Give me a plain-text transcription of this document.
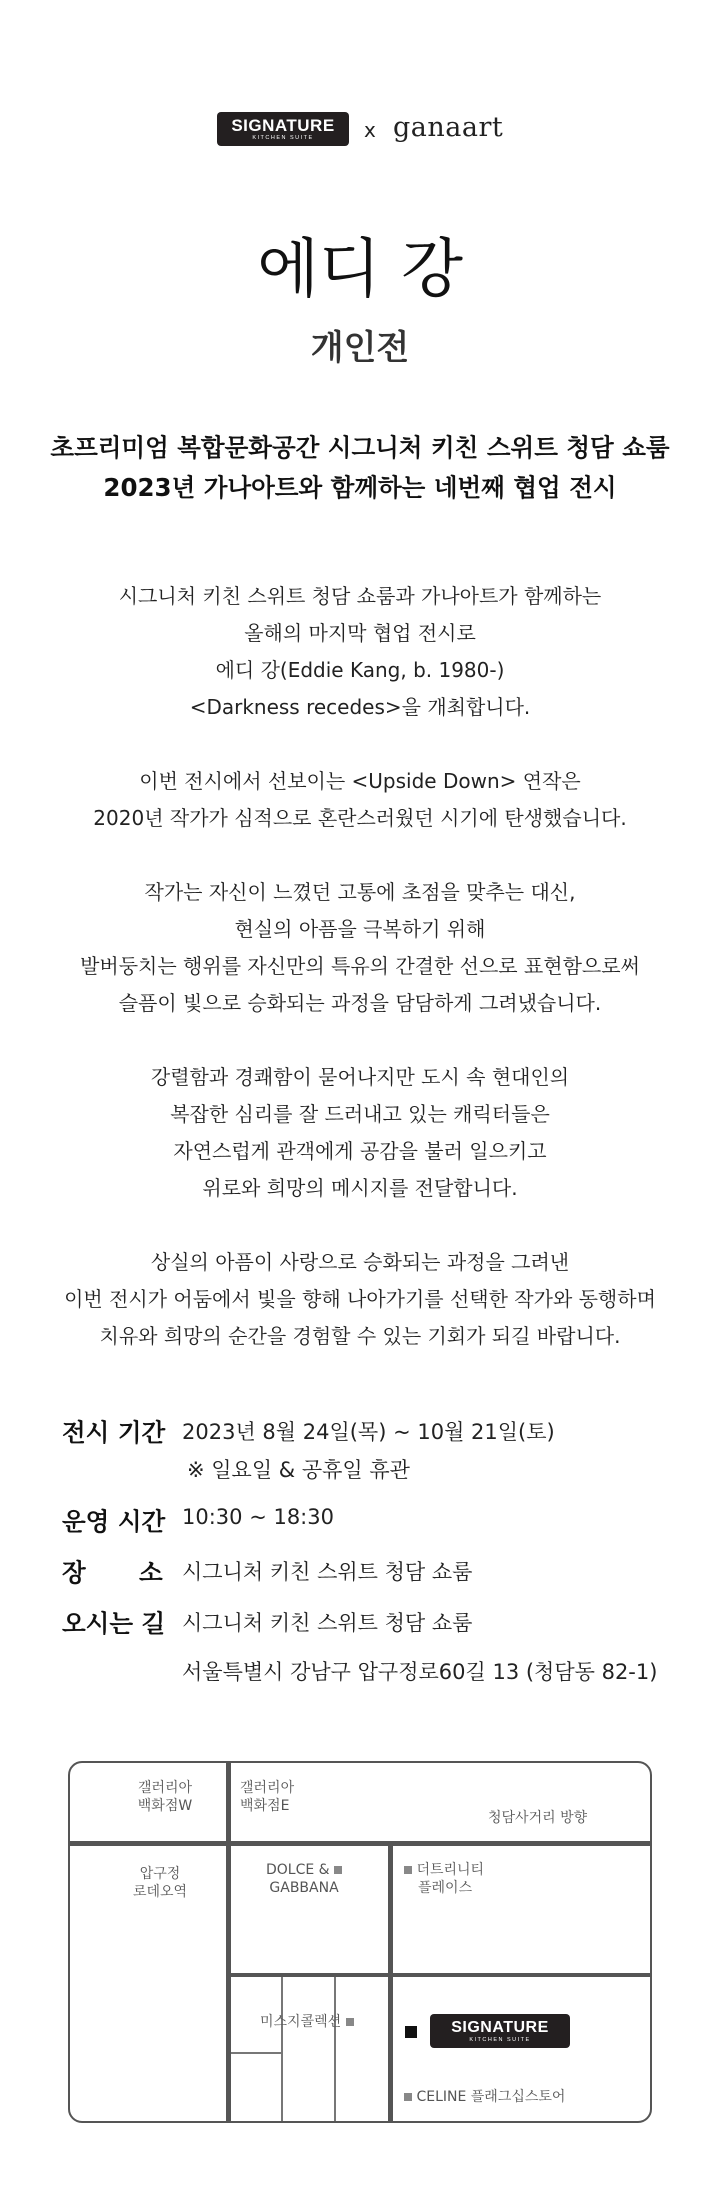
SIGNATURE
KITCHEN SUITE	x ganaart
에디 강
개인전
초프리미엄 복합문화공간 시그니처 키친 스위트 청담 쇼룸
2023년 가나아트와 함께하는 네번째 협업 전시
시그니처 키친 스위트 청담 쇼룸과 가나아트가 함께하는
올해의 마지막 협업 전시로
에디 강(Eddie Kang, b. 1980-)
<Darkness recedes>을 개최합니다.
이번 전시에서 선보이는 <Upside Down> 연작은
2020년 작가가 심적으로 혼란스러웠던 시기에 탄생했습니다.
작가는 자신이 느꼈던 고통에 초점을 맞추는 대신,
현실의 아픔을 극복하기 위해
발버둥치는 행위를 자신만의 특유의 간결한 선으로 표현함으로써
슬픔이 빛으로 승화되는 과정을 담담하게 그려냈습니다.
강렬함과 경쾌함이 묻어나지만 도시 속 현대인의
복잡한 심리를 잘 드러내고 있는 캐릭터들은
자연스럽게 관객에게 공감을 불러 일으키고
위로와 희망의 메시지를 전달합니다.
상실의 아픔이 사랑으로 승화되는 과정을 그려낸
이번 전시가 어둠에서 빛을 향해 나아가기를 선택한 작가와 동행하며
치유와 희망의 순간을 경험할 수 있는 기회가 되길 바랍니다.
전시 기간 2023년 8월 24일(목) ~ 10월 21일(토)
※ 일요일 & 공휴일 휴관
운영 시간 10:30 ~ 18:30
장 소 시그니처 키친 스위트 청담 쇼룸
오시는 길 시그니처 키친 스위트 청담 쇼룸
서울특별시 강남구 압구정로60길 13 (청담동 82-1)
갤러리아
백화점W
갤러리아
백화점E
청담사거리 방향
압구정
로데오역
DOLCE &
GABBANA
더트리니티
플레이스
미스지콜렉션	SIGNATURE
KITCHEN SUITE
CELINE 플래그십스토어
